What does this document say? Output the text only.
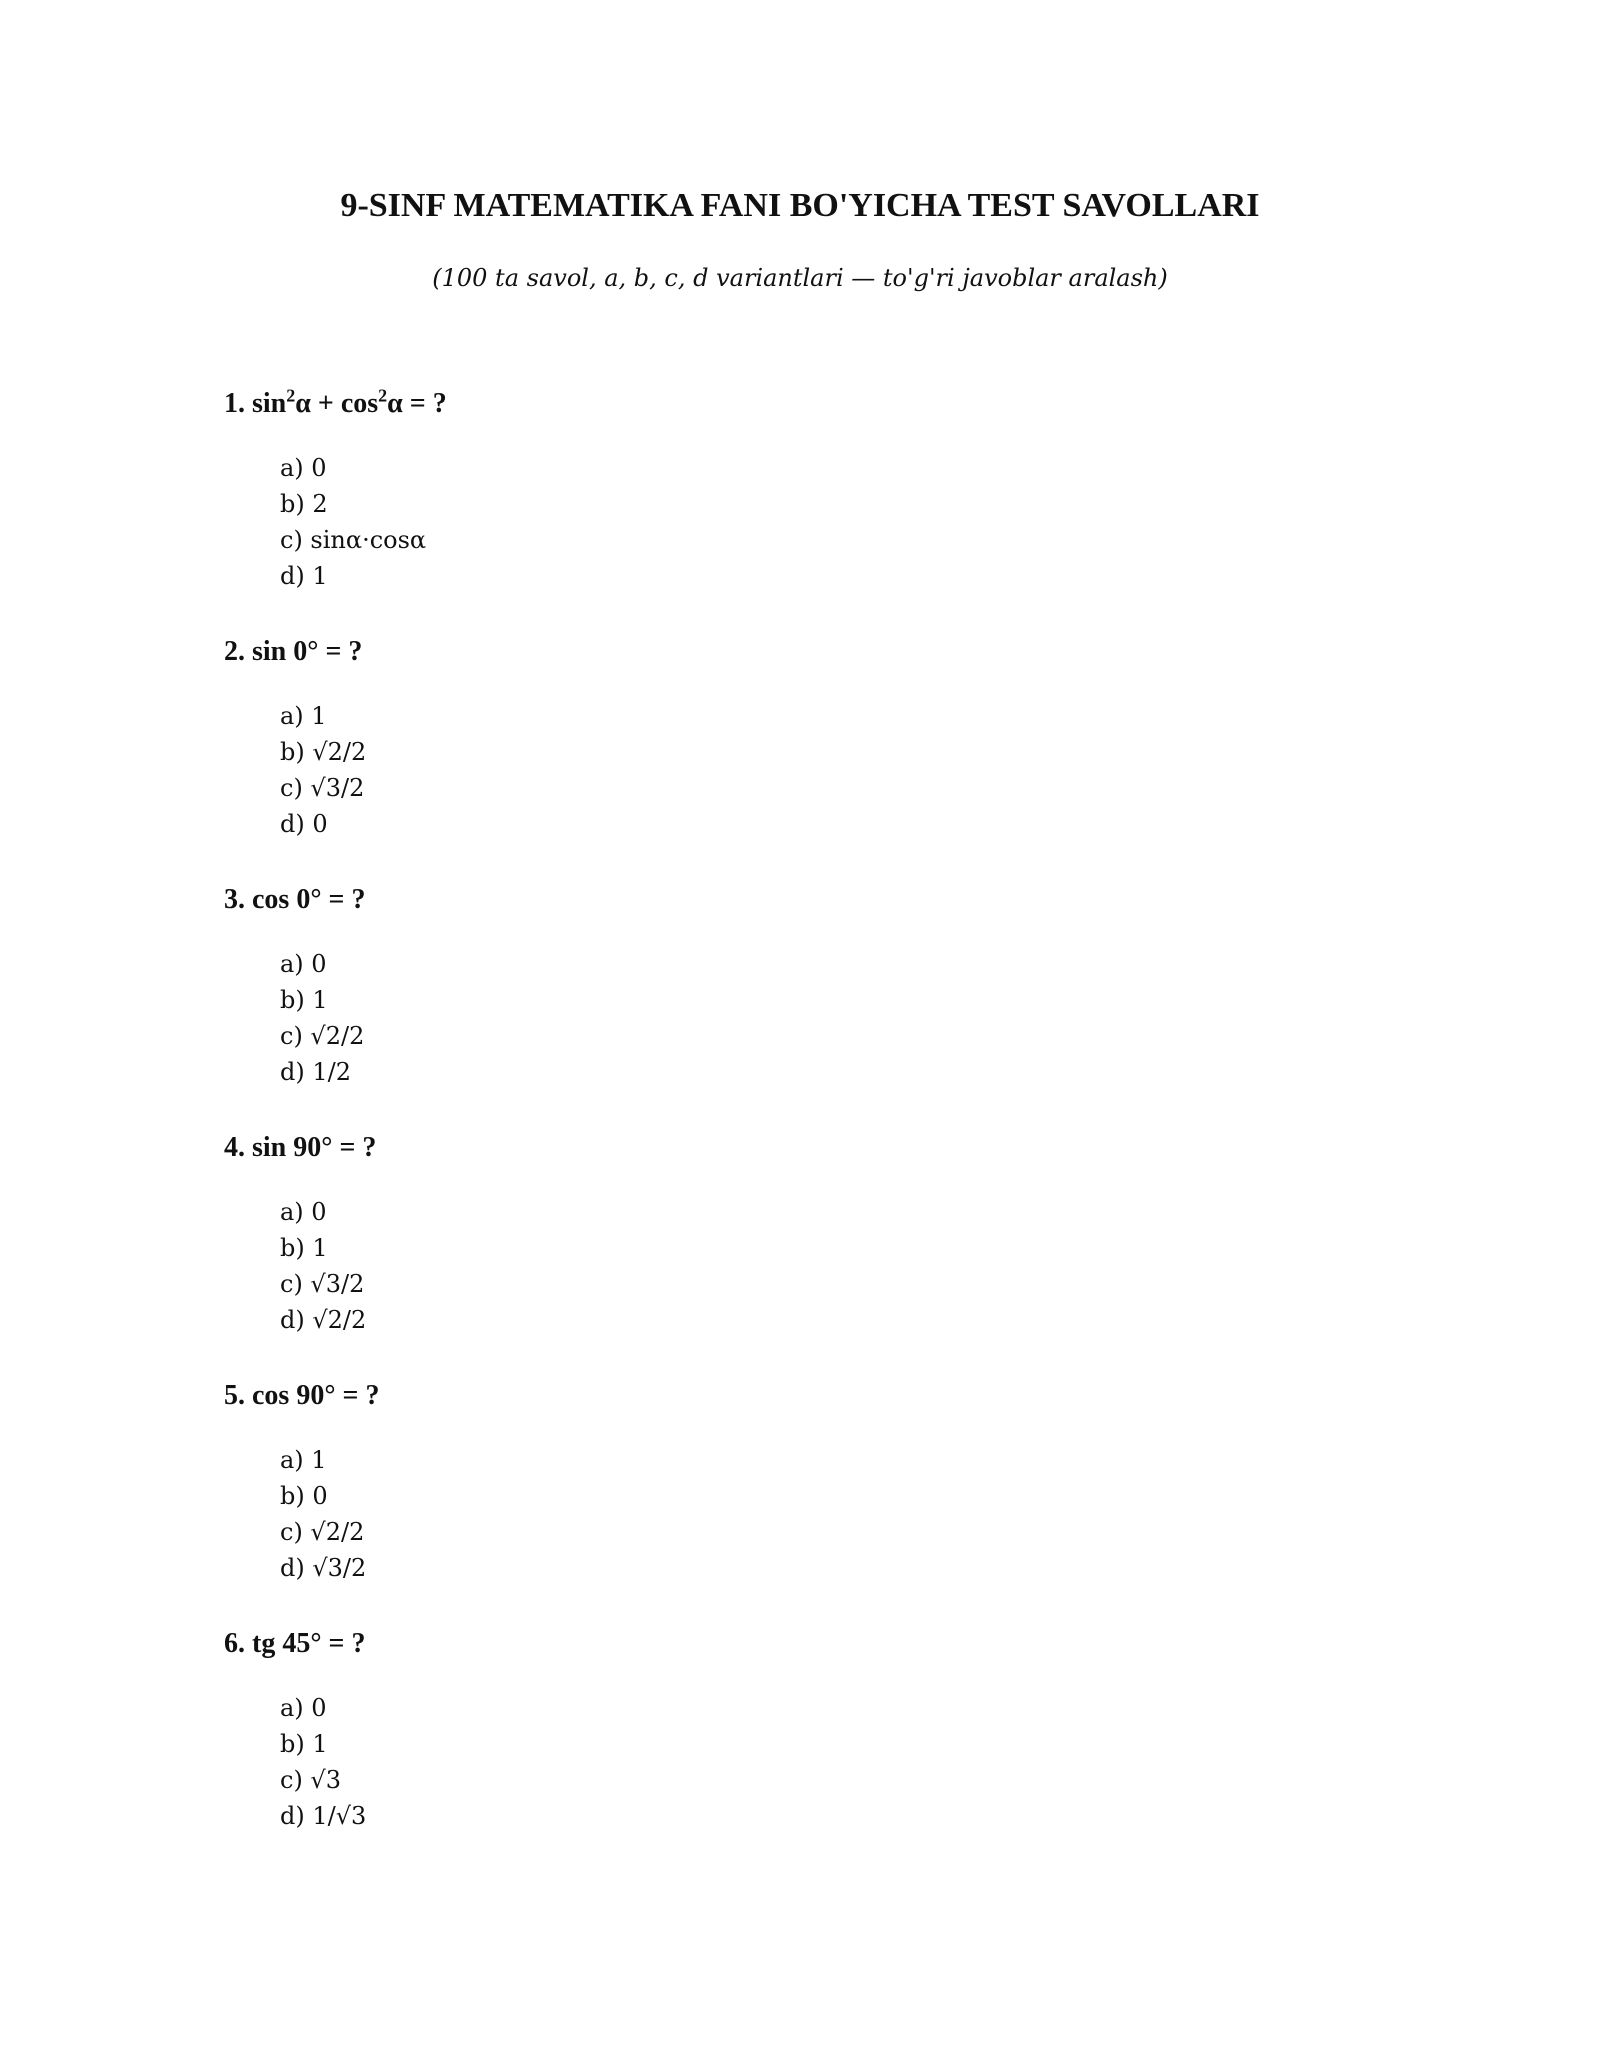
9-SINF MATEMATIKA FANI BO'YICHA TEST SAVOLLARI
(100 ta savol, a, b, c, d variantlari — to'g'ri javoblar aralash)
1. $\sin^2\alpha + \cos^2\alpha$ = ?
a) 0
b) 2
c) sinα·cosα
d) 1
2. sin 0° = ?
a) 1
b) √2/2
c) √3/2
d) 0
3. cos 0° = ?
a) 0
b) 1
c) √2/2
d) 1/2
4. sin 90° = ?
a) 0
b) 1
c) √3/2
d) √2/2
5. cos 90° = ?
a) 1
b) 0
c) √2/2
d) √3/2
6. tg 45° = ?
a) 0
b) 1
c) √3
d) 1/√3
